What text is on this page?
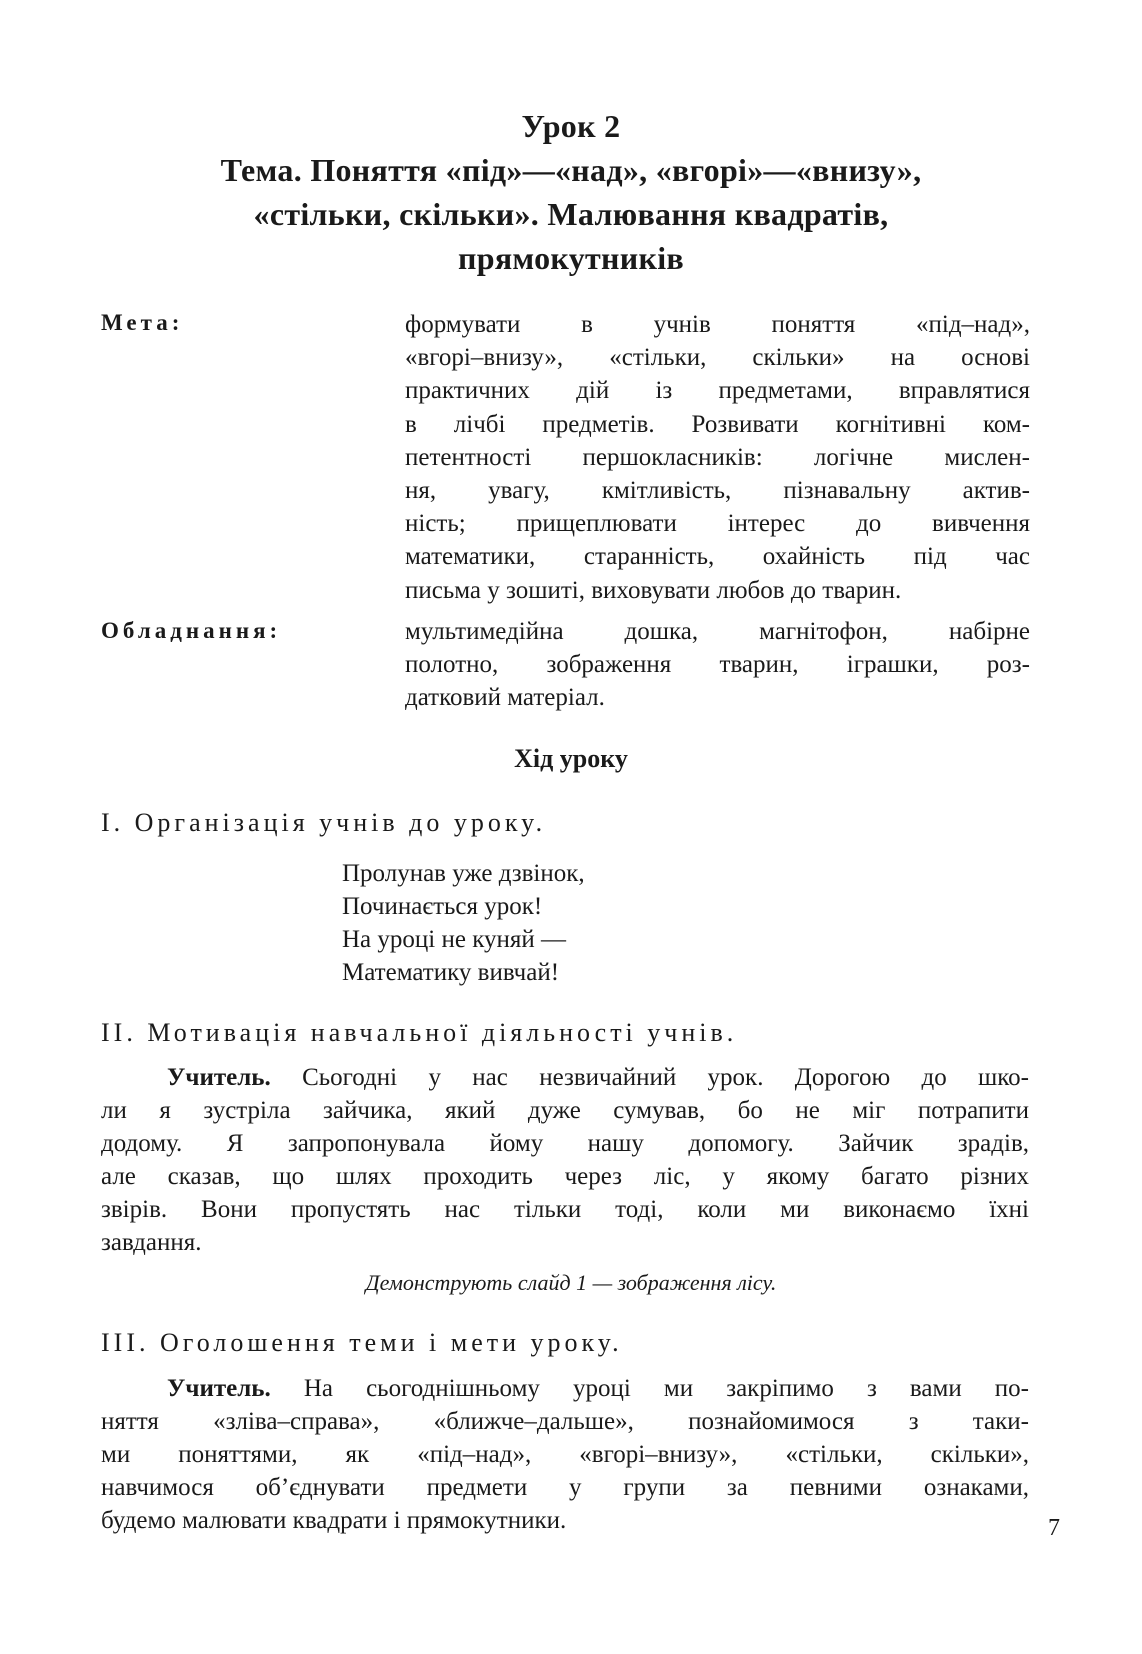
Урок 2
Тема. Поняття «під»—«над», «вгорі»—«внизу»,
«стільки, скільки». Малювання квадратів,
прямокутників
Мета:	формувати в учнів поняття «під–над»,
«вгорі–внизу», «стільки, скільки» на основі
практичних дій із предметами, вправлятися
в лічбі предметів. Розвивати когнітивні ком-
петентності першокласників: логічне мислен-
ня, увагу, кмітливість, пізнавальну актив-
ність; прищеплювати інтерес до вивчення
математики, старанність, охайність під час
письма у зошиті, виховувати любов до тварин.
Обладнання:	мультимедійна дошка, магнітофон, набірне
полотно, зображення тварин, іграшки, роз-
датковий матеріал.
Хід уроку
І. Організація учнів до уроку.
Пролунав уже дзвінок,
Починається урок!
На уроці не куняй —
Математику вивчай!
ІІ. Мотивація навчальної діяльності учнів.
Учитель. Сьогодні у нас незвичайний урок. Дорогою до шко-
ли я зустріла зайчика, який дуже сумував, бо не міг потрапити
додому. Я запропонувала йому нашу допомогу. Зайчик зрадів,
але сказав, що шлях проходить через ліс, у якому багато різних
звірів. Вони пропустять нас тільки тоді, коли ми виконаємо їхні
завдання.
Демонструють слайд 1 — зображення лісу.
ІІІ. Оголошення теми і мети уроку.
Учитель. На сьогоднішньому уроці ми закріпимо з вами по-
няття «зліва–справа», «ближче–дальше», познайомимося з таки-
ми поняттями, як «під–над», «вгорі–внизу», «стільки, скільки»,
навчимося об’єднувати предмети у групи за певними ознаками,
будемо малювати квадрати і прямокутники.	7
